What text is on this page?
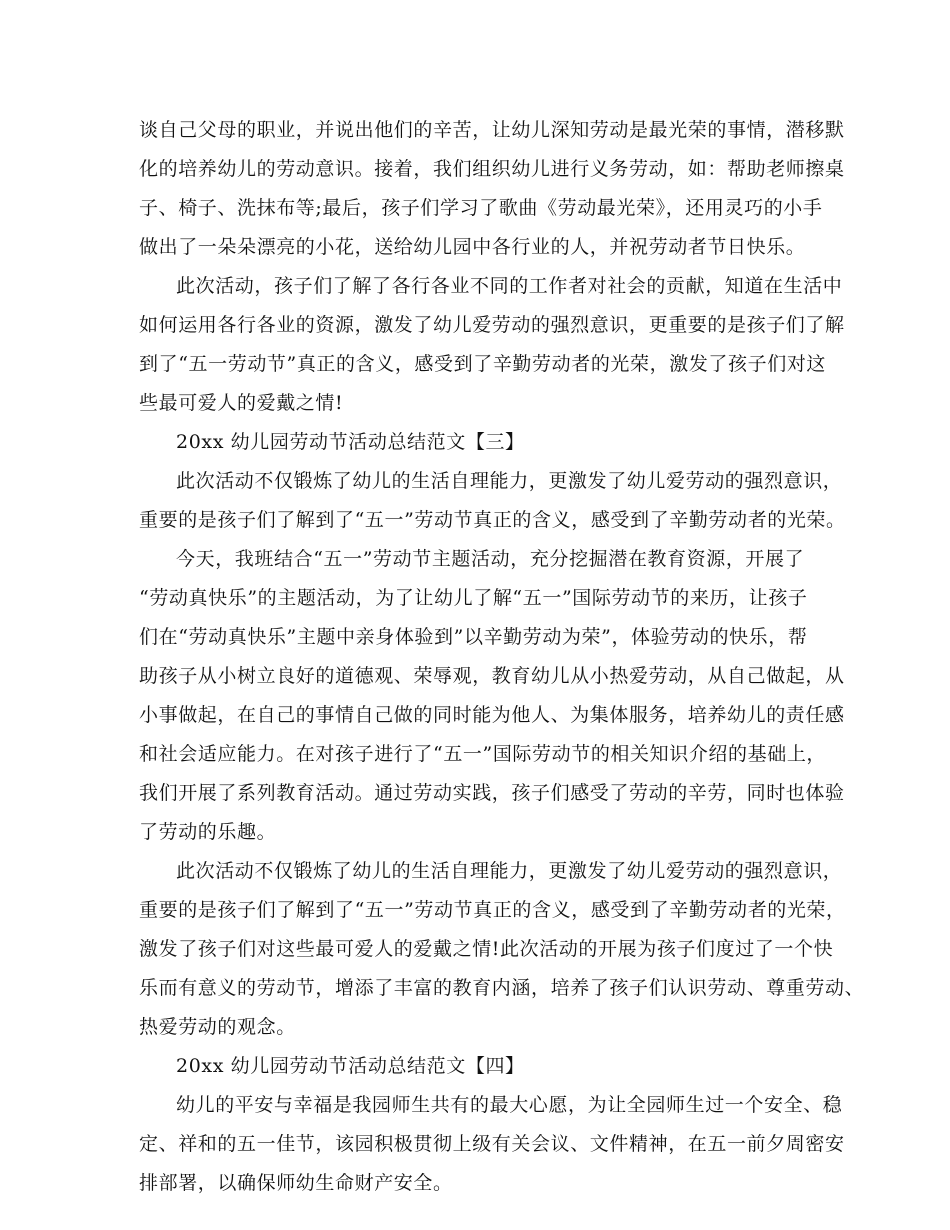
谈自己父母的职业，并说出他们的辛苦，让幼儿深知劳动是最光荣的事情，潜移默
化的培养幼儿的劳动意识。接着，我们组织幼儿进行义务劳动，如：帮助老师擦桌
子、椅子、洗抹布等;最后，孩子们学习了歌曲《劳动最光荣》，还用灵巧的小手
做出了一朵朵漂亮的小花，送给幼儿园中各行业的人，并祝劳动者节日快乐。
此次活动，孩子们了解了各行各业不同的工作者对社会的贡献，知道在生活中
如何运用各行各业的资源，激发了幼儿爱劳动的强烈意识，更重要的是孩子们了解
到了“五一劳动节”真正的含义，感受到了辛勤劳动者的光荣，激发了孩子们对这
些最可爱人的爱戴之情!
20xx 幼儿园劳动节活动总结范文【三】
此次活动不仅锻炼了幼儿的生活自理能力，更激发了幼儿爱劳动的强烈意识，
重要的是孩子们了解到了“五一”劳动节真正的含义，感受到了辛勤劳动者的光荣。
今天，我班结合“五一”劳动节主题活动，充分挖掘潜在教育资源，开展了
“劳动真快乐”的主题活动，为了让幼儿了解“五一”国际劳动节的来历，让孩子
们在“劳动真快乐”主题中亲身体验到”以辛勤劳动为荣”，体验劳动的快乐，帮
助孩子从小树立良好的道德观、荣辱观，教育幼儿从小热爱劳动，从自己做起，从
小事做起，在自己的事情自己做的同时能为他人、为集体服务，培养幼儿的责任感
和社会适应能力。在对孩子进行了“五一”国际劳动节的相关知识介绍的基础上，
我们开展了系列教育活动。通过劳动实践，孩子们感受了劳动的辛劳，同时也体验
了劳动的乐趣。
此次活动不仅锻炼了幼儿的生活自理能力，更激发了幼儿爱劳动的强烈意识，
重要的是孩子们了解到了“五一”劳动节真正的含义，感受到了辛勤劳动者的光荣，
激发了孩子们对这些最可爱人的爱戴之情!此次活动的开展为孩子们度过了一个快
乐而有意义的劳动节，增添了丰富的教育内涵，培养了孩子们认识劳动、尊重劳动、
热爱劳动的观念。
20xx 幼儿园劳动节活动总结范文【四】
幼儿的平安与幸福是我园师生共有的最大心愿，为让全园师生过一个安全、稳
定、祥和的五一佳节，该园积极贯彻上级有关会议、文件精神，在五一前夕周密安
排部署，以确保师幼生命财产安全。
